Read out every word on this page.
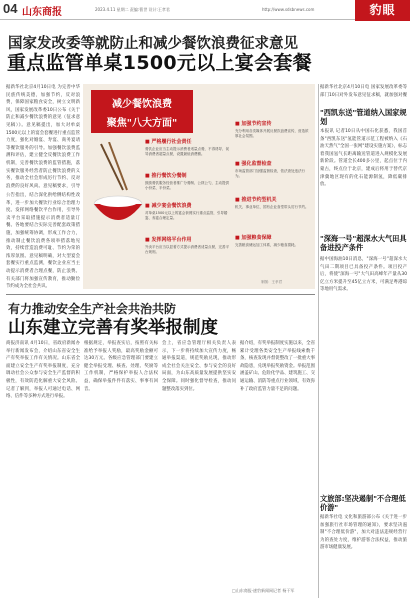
04 山东商报	2023.4.11 星期二 责编:曹世 设计:王孝君	http://www.sdsbnews.com	豹眼
国家发改委等就防止和减少餐饮浪费征求意见
重点监管单桌1500元以上宴会套餐
据新华社北京4月10日电 为完善中华民族传统美德，加强节约，反对浪费，保障国家粮食安全，树立文明新风，国家发展改革委10日公布《关于防止和减少餐饮浪费的意见（征求意见稿）》。意见稿提出，加大对单桌1500元以上的宴会套餐进行重点监管力度，强化对婚宴、寿宴、商务宴请等餐饮服务的引导。加强餐饮浪费监测和评估，建立健全反餐饮浪费工作机制，完善餐饮浪费的监管措施，落实餐饮服务经营者防止餐饮浪费的义务，推动全社会形成厉行节约、反对浪费的良好风尚。意见稿要求，引导
公告指出，结合深化供给侧结构性改革，进一步加大餐饮行业综合治理力度。发挥网络餐饮平台作用，引导外卖平台采取措施提示消费者适量订餐。各地要结合实际完善配套政策措施，加强统筹协调，形成工作合力，推动制止餐饮浪费各项举措落地见效，持续营造浪费可耻、节约为荣的浓厚氛围。意见稿明确，对大型宴会套餐实行重点监测，餐饮企业应当主动提示消费者合理点餐，防止浪费。有关部门将加强宣传教育，推动勤俭节约成为全社会共识。
减少餐饮浪费
聚焦"八大方面"
■ 严格履行社会责任
餐饮企业应当主动提示消费者适量点餐，不得诱导、误导消费者超量点餐，设置最低消费额。
■ 推行餐饮分餐制
鼓励餐饮服务经营者推广分餐制、公筷公勺，主动提供小份菜、半份菜。
■ 减少宴会餐饮浪费
对单桌1500元以上的宴会套餐实行重点监管，引导婚宴、寿宴合理定量。
■ 发挥网络平台作用
外卖平台应当以显著方式提示消费者适量点餐，完善平台规则。
■ 加强节约宣传
充分利用各类媒体开展反餐饮浪费宣传，营造浓厚社会氛围。
■ 强化监督检查
市场监管部门加强监督检查，依法查处违法行为。
■ 推进节约型机关
机关、事业单位、国有企业食堂带头厉行节约。
■ 加强粮食保障
完善粮食储运加工体系，减少粮食损耗。
制图：王孝君
据新华社北京4月10日电 国家发展改革委等部门10日对外发布意见征求稿，就加强对餐
"西凯东送"管道纳入国家规划
本报讯 记者10日从中国石化获悉，我国首条"西凯东送"氢能管道示范工程被纳入《石油天然气"全国一张网"建设实施方案》，标志着我国氢气长距离输送管道进入规模化发展新阶段。管道全长400多公里，起点位于内蒙古，终点位于北京，建成后将用于替代京津冀地区现有的化石能源制氢，降低碳排放。
"深海一号"超深水大气田具备进投产条件
据中国海油10日消息，"深海一号"超深水大气田二期项目已具备投产条件。项目投产后，将使"深海一号"大气田高峰年产量从30亿立方米提升至45亿立方米，可满足粤港琼等地用气需求。
文旅部:坚决遏制"不合理低价游"
据新华社电 文化和旅游部公布《关于进一步加强旅行社市场管理的通知》，要求坚决遏制"不合理低价游"，加大对违法违规经营行为的查处力度，维护游客合法权益，推动旅游市场健康发展。
有力推动安全生产社会共治共防
山东建立完善有奖举报制度
商报济南讯 4月10日，省政府新闻办举行新闻发布会，介绍山东省安全生产有奖举报工作有关情况。山东省全面建立安全生产有奖举报制度，充分调动社会公众参与安全生产监督的积极性，有效防范化解重大安全风险。记者了解到，举报人可通过电话、网络、信件等多种方式进行举报。
根据规定，举报查实后，按照有关标准给予举报人奖励，最高奖励金额可达30万元。各级应急管理部门要建立健全举报受理、核查、处理、奖励等工作机制，严格保护举报人合法权益，确保举报件件有落实、事事有回音。
会上，省应急管理厅相关负责人表示，下一步将持续加大宣传力度，畅通举报渠道，规范奖励兑现，推动形成全社会关注安全、参与安全的良好局面，为山东高质量发展提供坚实安全保障。同时强化督导检查，推动问题整改落实到位。
据介绍，有奖举报制度实施以来，全省累计受理各类安全生产举报线索数千条，核查发现并督促整改了一批重大事故隐患，兑现举报奖励资金。举报范围涵盖矿山、危险化学品、建筑施工、交通运输、消防等重点行业领域，有效弥补了政府监管力量不足的问题。
□山东商报·速豹新闻网记者 杨干军
